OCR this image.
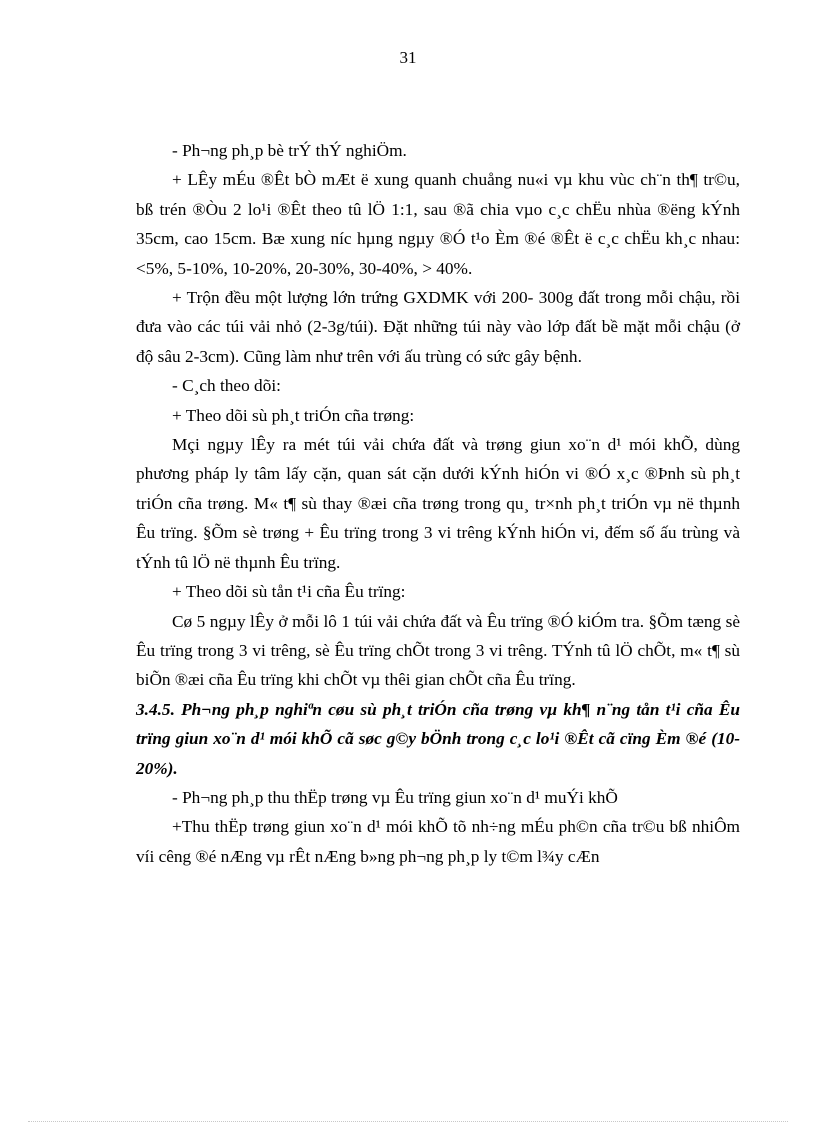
31

- Ph¬ng ph¸p bè trÝ thÝ nghiÖm.

+ LÊy mÉu ®Êt bÒ mÆt ë xung quanh chuång nu«i vµ khu vùc ch¨n th¶ tr©u, bß trén ®Òu 2 lo¹i ®Êt theo tû lÖ 1:1, sau ®ã chia vµo c¸c chËu nhùa ®ëng kÝnh 35cm, cao 15cm. Bæ xung níc hµng ngµy ®Ó t¹o Èm ®é ®Êt ë c¸c chËu kh¸c nhau: <5%, 5-10%, 10-20%, 20-30%, 30-40%, > 40%.

+ Trộn đều một lượng lớn trứng GXDMK với 200- 300g đất trong mỗi chậu, rồi đưa vào các túi vải nhỏ (2-3g/túi). Đặt những túi này vào lớp đất bề mặt mỗi chậu (ở độ sâu 2-3cm). Cũng làm như trên với ấu trùng có sức gây bệnh.

- C¸ch theo dõi:

+ Theo dõi sù ph¸t triÓn cña trøng:

Mçi ngµy lÊy ra mét túi vải chứa đất và trøng giun xo¨n d¹ mói khÕ, dùng phương pháp ly tâm lấy cặn, quan sát cặn dưới kÝnh hiÓn vi ®Ó x¸c ®Þnh sù ph¸t triÓn cña trøng. M« t¶ sù thay ®æi cña trøng trong qu¸ tr×nh ph¸t triÓn vµ në thµnh Êu trïng. §Õm sè trøng + Êu trïng trong 3 vi trêng kÝnh hiÓn vi, đếm số ấu trùng và tÝnh tû lÖ në thµnh Êu trïng.

+ Theo dõi sù tån t¹i cña Êu trïng:

Cø 5 ngµy lÊy ở mỗi lô 1 túi vải chứa đất và Êu trïng ®Ó kiÓm tra. §Õm tæng sè Êu trïng trong 3 vi trêng, sè Êu trïng chÕt trong 3 vi trêng. TÝnh tû lÖ chÕt, m« t¶ sù biÕn ®æi cña Êu trïng khi chÕt vµ thêi gian chÕt cña Êu trïng.

3.4.5. Ph¬ng ph¸p nghiªn cøu sù ph¸t triÓn cña trøng vµ kh¶ n¨ng tån t¹i cña Êu trïng giun xo¨n d¹ mói khÕ cã søc g©y bÖnh trong c¸c lo¹i ®Êt cã cïng Èm ®é (10-20%).

- Ph¬ng ph¸p thu thËp trøng vµ Êu trïng giun xo¨n d¹ muÝi khÕ

+Thu thËp trøng giun xo¨n d¹ mói khÕ tõ nh÷ng mÉu ph©n cña tr©u bß nhiÔm víi cêng ®é nÆng vµ rÊt nÆng b»ng ph¬ng ph¸p ly t©m l¾y cÆn
